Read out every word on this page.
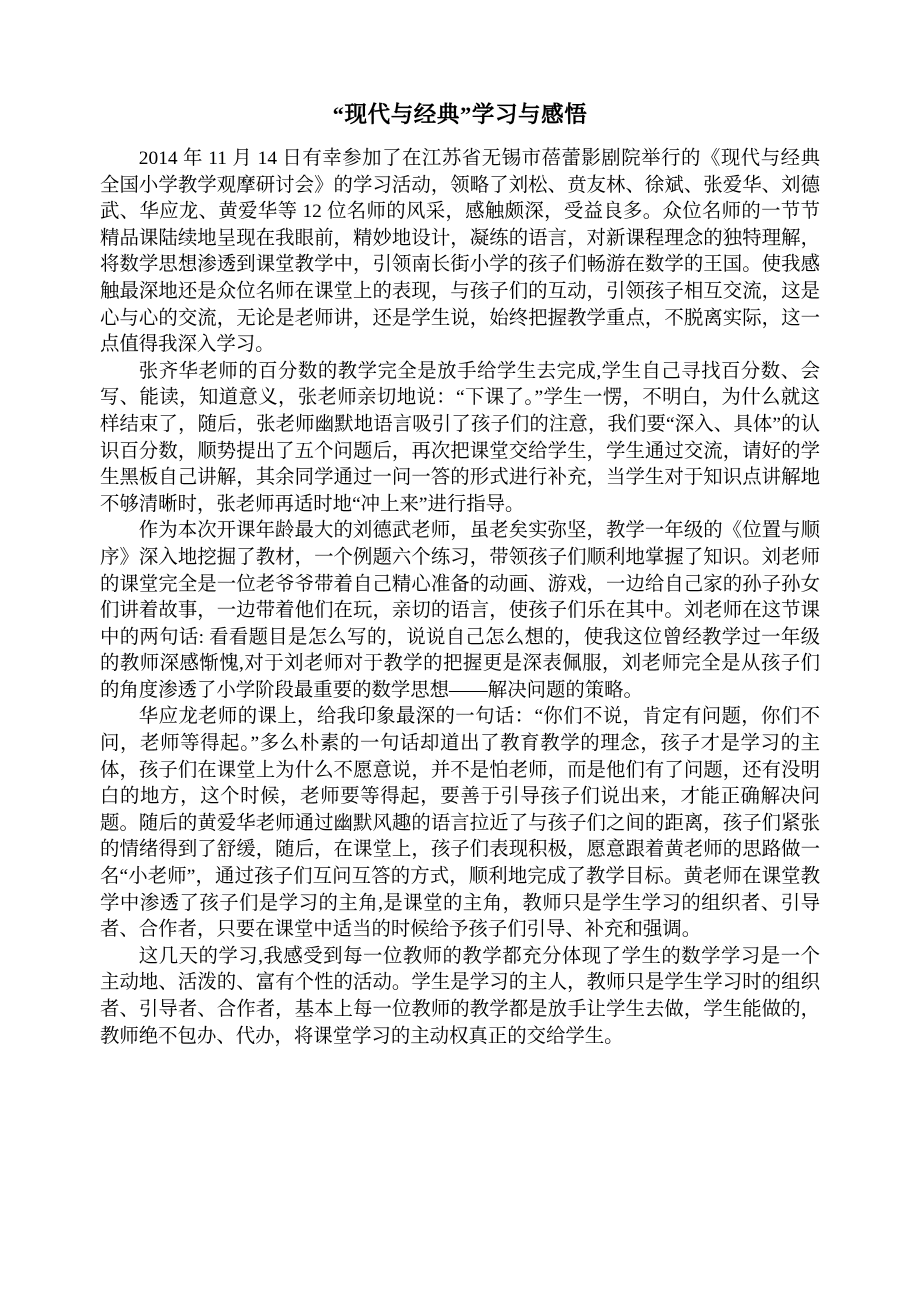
“现代与经典”学习与感悟

2014 年 11 月 14 日有幸参加了在江苏省无锡市蓓蕾影剧院举行的《现代与经典全国小学教学观摩研讨会》的学习活动，领略了刘松、贲友林、徐斌、张爱华、刘德武、华应龙、黄爱华等 12 位名师的风采，感触颇深，受益良多。众位名师的一节节精品课陆续地呈现在我眼前，精妙地设计，凝练的语言，对新课程理念的独特理解，将数学思想渗透到课堂教学中，引领南长街小学的孩子们畅游在数学的王国。使我感触最深地还是众位名师在课堂上的表现，与孩子们的互动，引领孩子相互交流，这是心与心的交流，无论是老师讲，还是学生说，始终把握教学重点，不脱离实际，这一点值得我深入学习。

张齐华老师的百分数的教学完全是放手给学生去完成,学生自己寻找百分数、会写、能读，知道意义，张老师亲切地说：“下课了。”学生一愣，不明白，为什么就这样结束了，随后，张老师幽默地语言吸引了孩子们的注意，我们要“深入、具体”的认识百分数，顺势提出了五个问题后，再次把课堂交给学生，学生通过交流，请好的学生黑板自己讲解，其余同学通过一问一答的形式进行补充，当学生对于知识点讲解地不够清晰时，张老师再适时地“冲上来”进行指导。

作为本次开课年龄最大的刘德武老师，虽老矣实弥坚，教学一年级的《位置与顺序》深入地挖掘了教材，一个例题六个练习，带领孩子们顺利地掌握了知识。刘老师的课堂完全是一位老爷爷带着自己精心准备的动画、游戏，一边给自己家的孙子孙女们讲着故事，一边带着他们在玩，亲切的语言，使孩子们乐在其中。刘老师在这节课中的两句话: 看看题目是怎么写的，说说自己怎么想的，使我这位曾经教学过一年级的教师深感惭愧,对于刘老师对于教学的把握更是深表佩服，刘老师完全是从孩子们的角度渗透了小学阶段最重要的数学思想——解决问题的策略。

华应龙老师的课上，给我印象最深的一句话：“你们不说，肯定有问题，你们不问，老师等得起。”多么朴素的一句话却道出了教育教学的理念，孩子才是学习的主体，孩子们在课堂上为什么不愿意说，并不是怕老师，而是他们有了问题，还有没明白的地方，这个时候，老师要等得起，要善于引导孩子们说出来，才能正确解决问题。随后的黄爱华老师通过幽默风趣的语言拉近了与孩子们之间的距离，孩子们紧张的情绪得到了舒缓，随后，在课堂上，孩子们表现积极，愿意跟着黄老师的思路做一名“小老师”，通过孩子们互问互答的方式，顺利地完成了教学目标。黄老师在课堂教学中渗透了孩子们是学习的主角,是课堂的主角，教师只是学生学习的组织者、引导者、合作者，只要在课堂中适当的时候给予孩子们引导、补充和强调。

这几天的学习,我感受到每一位教师的教学都充分体现了学生的数学学习是一个主动地、活泼的、富有个性的活动。学生是学习的主人，教师只是学生学习时的组织者、引导者、合作者，基本上每一位教师的教学都是放手让学生去做，学生能做的，教师绝不包办、代办，将课堂学习的主动权真正的交给学生。
